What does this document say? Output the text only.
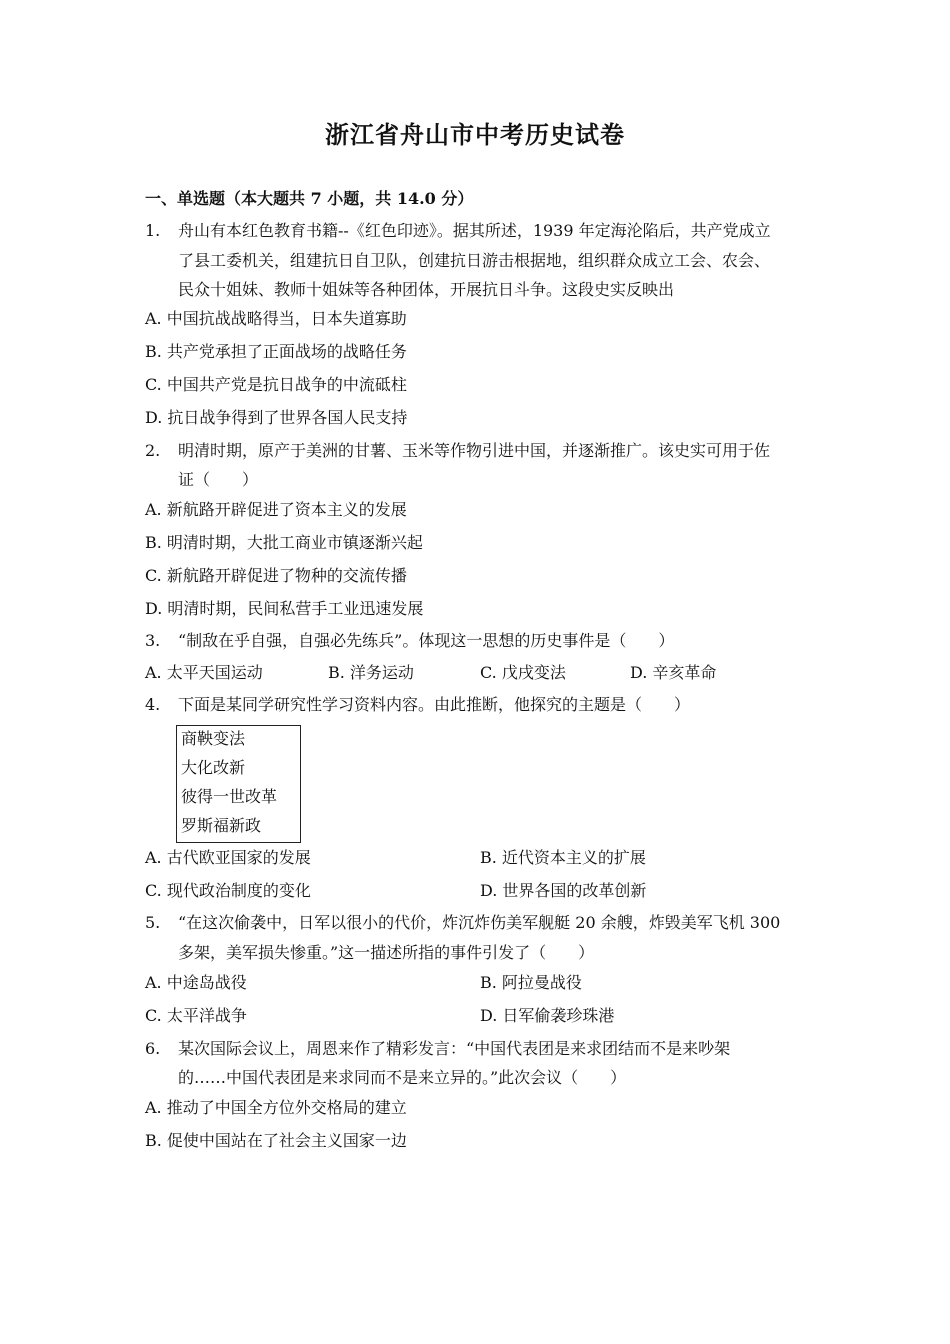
浙江省舟山市中考历史试卷
一、单选题（本大题共 7 小题，共 14.0 分）
1. 舟山有本红色教育书籍--《红色印迹》。据其所述，1939 年定海沦陷后，共产党成立
了县工委机关，组建抗日自卫队，创建抗日游击根据地，组织群众成立工会、农会、
民众十姐妹、教师十姐妹等各种团体，开展抗日斗争。这段史实反映出
A. 中国抗战战略得当，日本失道寡助
B. 共产党承担了正面战场的战略任务
C. 中国共产党是抗日战争的中流砥柱
D. 抗日战争得到了世界各国人民支持
2. 明清时期，原产于美洲的甘薯、玉米等作物引进中国，并逐渐推广。该史实可用于佐
证（　　）
A. 新航路开辟促进了资本主义的发展
B. 明清时期，大批工商业市镇逐渐兴起
C. 新航路开辟促进了物种的交流传播
D. 明清时期，民间私营手工业迅速发展
3. “制敌在乎自强，自强必先练兵”。体现这一思想的历史事件是（　　）
A. 太平天国运动	B. 洋务运动	C. 戊戌变法	D. 辛亥革命
4. 下面是某同学研究性学习资料内容。由此推断，他探究的主题是（　　）
商鞅变法
大化改新
彼得一世改革
罗斯福新政
A. 古代欧亚国家的发展	B. 近代资本主义的扩展
C. 现代政治制度的变化	D. 世界各国的改革创新
5. “在这次偷袭中，日军以很小的代价，炸沉炸伤美军舰艇 20 余艘，炸毁美军飞机 300
多架，美军损失惨重。”这一描述所指的事件引发了（　　）
A. 中途岛战役	B. 阿拉曼战役
C. 太平洋战争	D. 日军偷袭珍珠港
6. 某次国际会议上，周恩来作了精彩发言：“中国代表团是来求团结而不是来吵架
的……中国代表团是来求同而不是来立异的。”此次会议（　　）
A. 推动了中国全方位外交格局的建立
B. 促使中国站在了社会主义国家一边
